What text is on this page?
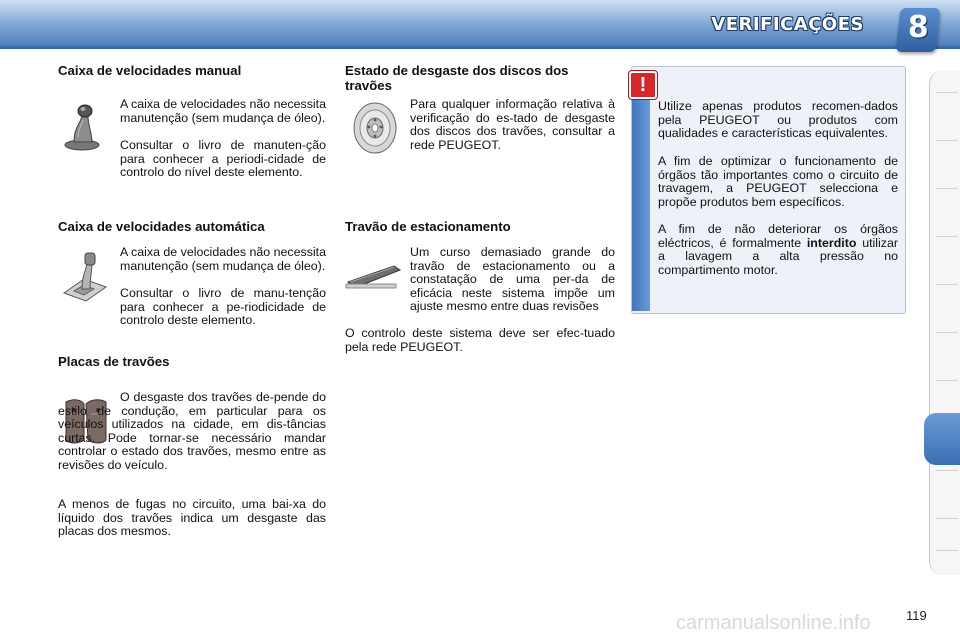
VERIFICAÇÕES	8
Caixa de velocidades manual

A caixa de velocidades não necessita manutenção (sem mudança de óleo).

Consultar o livro de manuten-ção para conhecer a periodi-cidade de controlo do nível deste elemento.

Caixa de velocidades automática

A caixa de velocidades não necessita manutenção (sem mudança de óleo).

Consultar o livro de manu-tenção para conhecer a pe-riodicidade de controlo deste elemento.

Placas de travões

O desgaste dos travões de-pende do estilo de condução, em particular para os veículos utilizados na cidade, em dis-tâncias curtas. Pode tornar-se necessário mandar controlar o estado dos travões, mesmo entre as revisões do veículo.

A menos de fugas no circuito, uma bai-xa do líquido dos travões indica um desgaste das placas dos mesmos.

Estado de desgaste dos discos dos travões

Para qualquer informação relativa à verificação do es-tado de desgaste dos discos dos travões, consultar a rede PEUGEOT.

Travão de estacionamento

Um curso demasiado grande do travão de estacionamento ou a constatação de uma per-da de eficácia neste sistema impõe um ajuste mesmo entre duas revisões

O controlo deste sistema deve ser efec-tuado pela rede PEUGEOT.

!

Utilize apenas produtos recomen-dados pela PEUGEOT ou produtos com qualidades e características equivalentes.

A fim de optimizar o funcionamento de órgãos tão importantes como o circuito de travagem, a PEUGEOT selecciona e propõe produtos bem específicos.

A fim de não deteriorar os órgãos eléctricos, é formalmente interdito utilizar a lavagem a alta pressão no compartimento motor.

carmanualsonline.info	119
